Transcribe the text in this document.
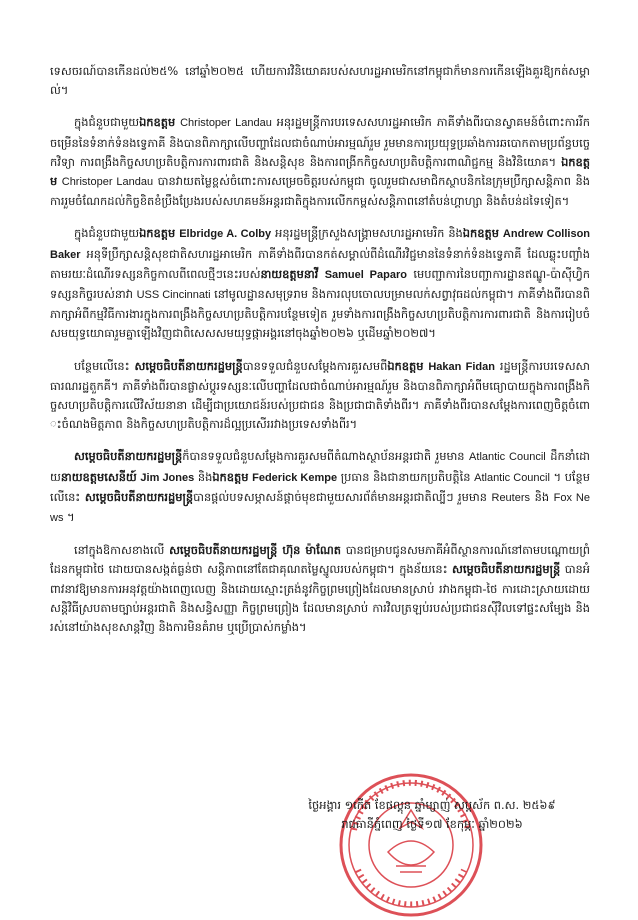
ទេសចរណ៍បានកើនដល់២៥% នៅឆ្នាំ២០២៥ ហើយការវិនិយោគរបស់សហរដ្ឋអាមេរិកនៅកម្ពុជាក៏មានការកើនឡើងគួរឱ្យកត់សម្គាល់។

ក្នុងជំនួបជាមួយឯកឧត្តម Christoper Landau អនុរដ្ឋមន្ត្រីការបរទេសសហរដ្ឋអាមេរិក ភាគីទាំងពីរបានស្វាគមន៍ចំពោះការរីកចម្រើននៃទំនាក់ទំនងទ្វេភាគី និងបានពិភាក្សាលើបញ្ហាដែលជាចំណាប់អារម្មណ៍រួម រួមមានការប្រយុទ្ធប្រឆាំងការឆបោកតាមប្រព័ន្ធបច្ចេកវិទ្យា ការពង្រឹងកិច្ចសហប្រតិបត្តិការការពារជាតិ និងសន្តិសុខ និងការពង្រីកកិច្ចសហប្រតិបត្តិការពាណិជ្ជកម្ម និងវិនិយោគ។ ឯកឧត្តម Christoper Landau បានវាយតម្លៃខ្ពស់ចំពោះការសម្រេចចិត្តរបស់កម្ពុជា ចូលរួមជាសមាជិកស្ថាបនិកនៃក្រុមប្រឹក្សាសន្តិភាព និងការរួមចំណែកដល់កិច្ចខិតខំប្រឹងប្រែងរបស់សហគមន៍អន្តរជាតិក្នុងការលើកកម្ពស់សន្តិភាពនៅតំបន់ហ្គាហ្សា និងតំបន់ដទៃទៀត។

ក្នុងជំនួបជាមួយឯកឧត្តម Elbridge A. Colby អនុរដ្ឋមន្ត្រីក្រសួងសង្គ្រាមសហរដ្ឋអាមេរិក និងឯកឧត្តម Andrew Collison Baker អនុទីប្រឹក្សាសន្តិសុខជាតិសហរដ្ឋអាមេរិក ភាគីទាំងពីរបានកត់សម្គាល់ពីដំណើរវិជ្ជមាននៃទំនាក់ទំនងទ្វេភាគី ដែលឆ្លុះបញ្ចាំងតាមរយៈដំណើរទស្សនកិច្ចកាលពីពេលថ្មីៗនេះរបស់នាយឧត្តមនាវី Samuel Paparo មេបញ្ជាការនៃបញ្ជាការដ្ឋានឥណ្ឌូ-ប៉ាស៊ីហ្វិក ទស្សនកិច្ចរបស់នាវា USS Cincinnati នៅមូលដ្ឋានសមុទ្ររាម និងការលុបចោលបម្រាមលក់សព្វាវុធដល់កម្ពុជា។ ភាគីទាំងពីរបានពិភាក្សាអំពីកម្មវិធីការងារក្នុងការពង្រឹងកិច្ចសហប្រតិបត្តិការបន្ថែមទៀត រួមទាំងការពង្រឹងកិច្ចសហប្រតិបត្តិការការពារជាតិ និងការរៀបចំសមយុទ្ធយោធារួមគ្នាឡើងវិញជាពិសេសសមយុទ្ធផ្កាអង្គរនៅចុងឆ្នាំ២០២៦ ឬដើមឆ្នាំ២០២៧។

បន្ថែមលើនេះ សម្តេចធិបតីនាយករដ្ឋមន្ត្រីបានទទួលជំនួបសម្តែងការគួរសមពីឯកឧត្តម Hakan Fidan រដ្ឋមន្ត្រីការបរទេសសាធារណរដ្ឋតួកគី។ ភាគីទាំងពីរបានផ្លាស់ប្តូរទស្សនៈលើបញ្ហាដែលជាចំណាប់អារម្មណ៍រួម និងបានពិភាក្សាអំពីមធ្យោបាយក្នុងការពង្រឹងកិច្ចសហប្រតិបត្តិការលើវិស័យនានា ដើម្បីជាប្រយោជន៍របស់ប្រជាជន និងប្រជាជាតិទាំងពីរ។ ភាគីទាំងពីរបានសម្តែងការពេញចិត្តចំពោះចំណងមិត្តភាព និងកិច្ចសហប្រតិបត្តិការដ៏ល្អប្រសើររវាងប្រទេសទាំងពីរ។

សម្តេចធិបតីនាយករដ្ឋមន្ត្រីក៏បានទទួលជំនួបសម្តែងការគួរសមពីតំណាងស្ថាប័នអន្តរជាតិ រួមមាន Atlantic Council ដឹកនាំដោយនាយឧត្តមសេនីយ៍ Jim Jones និងឯកឧត្តម Federick Kempe ប្រធាន និងជានាយកប្រតិបត្តិនៃ Atlantic Council ។ បន្ថែមលើនេះ សម្តេចធិបតីនាយករដ្ឋមន្ត្រីបានផ្តល់បទសម្ភាសន៍ផ្តាច់មុខជាមួយសារព័ត៌មានអន្តរជាតិល្បីៗ រួមមាន Reuters និង Fox News ។

នៅក្នុងឱកាសខាងលើ សម្តេចធិបតីនាយករដ្ឋមន្ត្រី ហ៊ុន ម៉ាណែត បានជម្រាបជូនសមភាគីអំពីស្ថានការណ៍នៅតាមបណ្តោយព្រំដែនកម្ពុជាថៃ ដោយបានសង្កត់ធ្ងន់ថា សន្តិភាពនៅតែជាគុណតម្លៃស្នូលរបស់កម្ពុជា។ ក្នុងន័យនេះ សម្តេចធិបតីនាយករដ្ឋមន្ត្រី បានអំពាវនាវឱ្យមានការអនុវត្តយ៉ាងពេញលេញ និងដោយស្មោះត្រង់នូវកិច្ចព្រមព្រៀងដែលមានស្រាប់ រវាងកម្ពុជា-ថៃ ការដោះស្រាយដោយសន្តិវិធីស្របតាមច្បាប់អន្តរជាតិ និងសន្ធិសញ្ញា កិច្ចព្រមព្រៀង ដែលមានស្រាប់ ការវិលត្រឡប់របស់ប្រជាជនស៊ីវិលទៅផ្ទះសម្បែង និងរស់នៅយ៉ាងសុខសាន្តវិញ និងការមិនគំរាម ឬប្រើប្រាស់កម្លាំង។

ថ្ងៃអង្គារ ១កើត ខែផល្គុន ឆ្នាំម្សាញ់ សប្តស័ក ព.ស. ២៥៦៩
រាជធានីភ្នំពេញ ថ្ងៃទី១៧ ខែកុម្ភៈ ឆ្នាំ២០២៦
